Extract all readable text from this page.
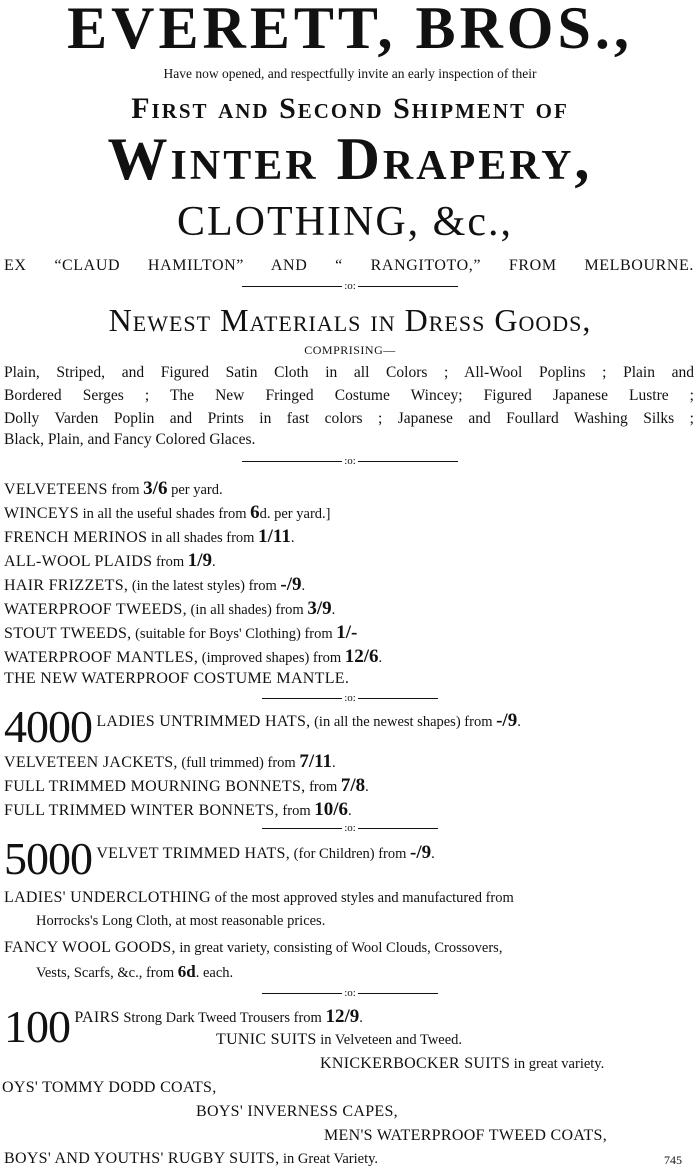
EVERETT, BROS.,
Have now opened, and respectfully invite an early inspection of their
First and Second Shipment of
Winter Drapery,
CLOTHING, &c.,
EX “CLAUD HAMILTON” AND “ RANGITOTO,” FROM MELBOURNE.
:o:
Newest Materials in Dress Goods,
COMPRISING—
Plain, Striped, and Figured Satin Cloth in all Colors ; All-Wool Poplins ; Plain and
Bordered Serges ; The New Fringed Costume Wincey; Figured Japanese Lustre ;
Dolly Varden Poplin and Prints in fast colors ; Japanese and Foullard Washing Silks ;
Black, Plain, and Fancy Colored Glaces.
:o:
VELVETEENS from 3/6 per yard.
WINCEYS in all the useful shades from 6d. per yard.]
FRENCH MERINOS in all shades from 1/11.
ALL-WOOL PLAIDS from 1/9.
HAIR FRIZZETS, (in the latest styles) from -/9.
WATERPROOF TWEEDS, (in all shades) from 3/9.
STOUT TWEEDS, (suitable for Boys' Clothing) from 1/-
WATERPROOF MANTLES, (improved shapes) from 12/6.
THE NEW WATERPROOF COSTUME MANTLE.
:o:
4000 LADIES UNTRIMMED HATS, (in all the newest shapes) from -/9.
VELVETEEN JACKETS, (full trimmed) from 7/11.
FULL TRIMMED MOURNING BONNETS, from 7/8.
FULL TRIMMED WINTER BONNETS, from 10/6.
:o:
5000 VELVET TRIMMED HATS, (for Children) from -/9.
LADIES' UNDERCLOTHING of the most approved styles and manufactured from
Horrocks's Long Cloth, at most reasonable prices.
FANCY WOOL GOODS, in great variety, consisting of Wool Clouds, Crossovers,
Vests, Scarfs, &c., from 6d. each.
:o:
100 PAIRS Strong Dark Tweed Trousers from 12/9.
TUNIC SUITS in Velveteen and Tweed.
KNICKERBOCKER SUITS in great variety.
OYS' TOMMY DODD COATS,
BOYS' INVERNESS CAPES,
MEN'S WATERPROOF TWEED COATS,
BOYS' AND YOUTHS' RUGBY SUITS, in Great Variety.	745
